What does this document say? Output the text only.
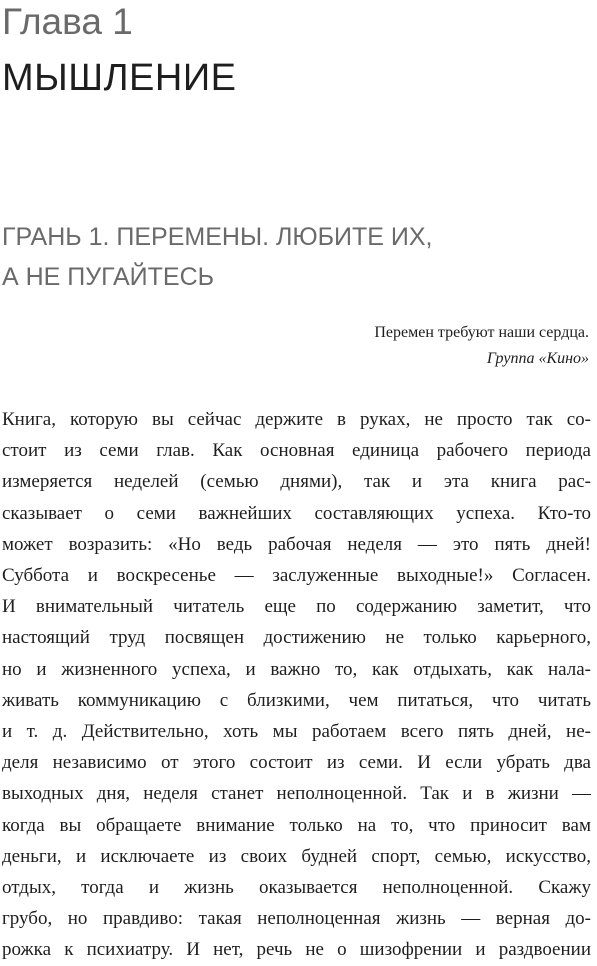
Глава 1
МЫШЛЕНИЕ
ГРАНЬ 1. ПЕРЕМЕНЫ. ЛЮБИТЕ ИХ,
А НЕ ПУГАЙТЕСЬ
Перемен требуют наши сердца.
Группа «Кино»
Книга, которую вы сейчас держите в руках, не просто так со-
стоит из семи глав. Как основная единица рабочего периода
измеряется неделей (семью днями), так и эта книга рас-
сказывает о семи важнейших составляющих успеха. Кто-то
может возразить: «Но ведь рабочая неделя — это пять дней!
Суббота и воскресенье — заслуженные выходные!» Согласен.
И внимательный читатель еще по содержанию заметит, что
настоящий труд посвящен достижению не только карьерного,
но и жизненного успеха, и важно то, как отдыхать, как нала-
живать коммуникацию с близкими, чем питаться, что читать
и т. д. Действительно, хоть мы работаем всего пять дней, не-
деля независимо от этого состоит из семи. И если убрать два
выходных дня, неделя станет неполноценной. Так и в жизни —
когда вы обращаете внимание только на то, что приносит вам
деньги, и исключаете из своих будней спорт, семью, искусство,
отдых, тогда и жизнь оказывается неполноценной. Скажу
грубо, но правдиво: такая неполноценная жизнь — верная до-
рожка к психиатру. И нет, речь не о шизофрении и раздвоении
